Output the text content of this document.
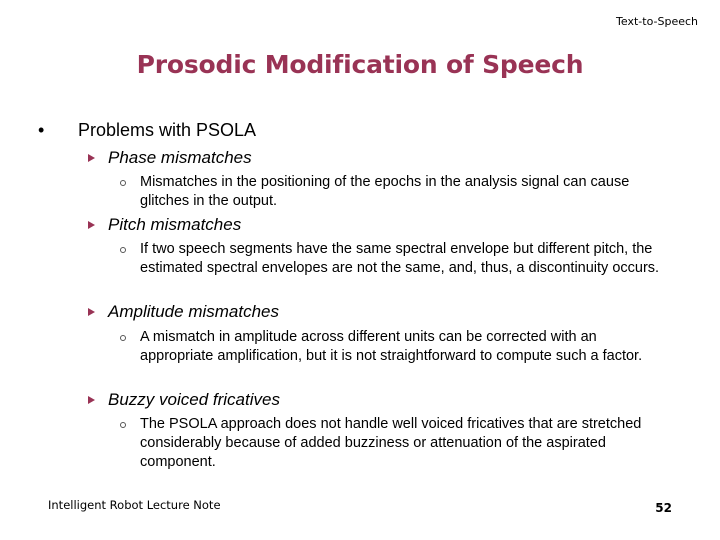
Text-to-Speech
Prosodic Modification of Speech
• Problems with PSOLA
Phase mismatches
Mismatches in the positioning of the epochs in the analysis signal can cause glitches in the output.
Pitch mismatches
If two speech segments have the same spectral envelope but different pitch, the estimated spectral envelopes are not the same, and, thus, a discontinuity occurs.
Amplitude mismatches
A mismatch in amplitude across different units can be corrected with an appropriate amplification, but it is not straightforward to compute such a factor.
Buzzy voiced fricatives
The PSOLA approach does not handle well voiced fricatives that are stretched considerably because of added buzziness or attenuation of the aspirated component.
Intelligent Robot Lecture Note	52
